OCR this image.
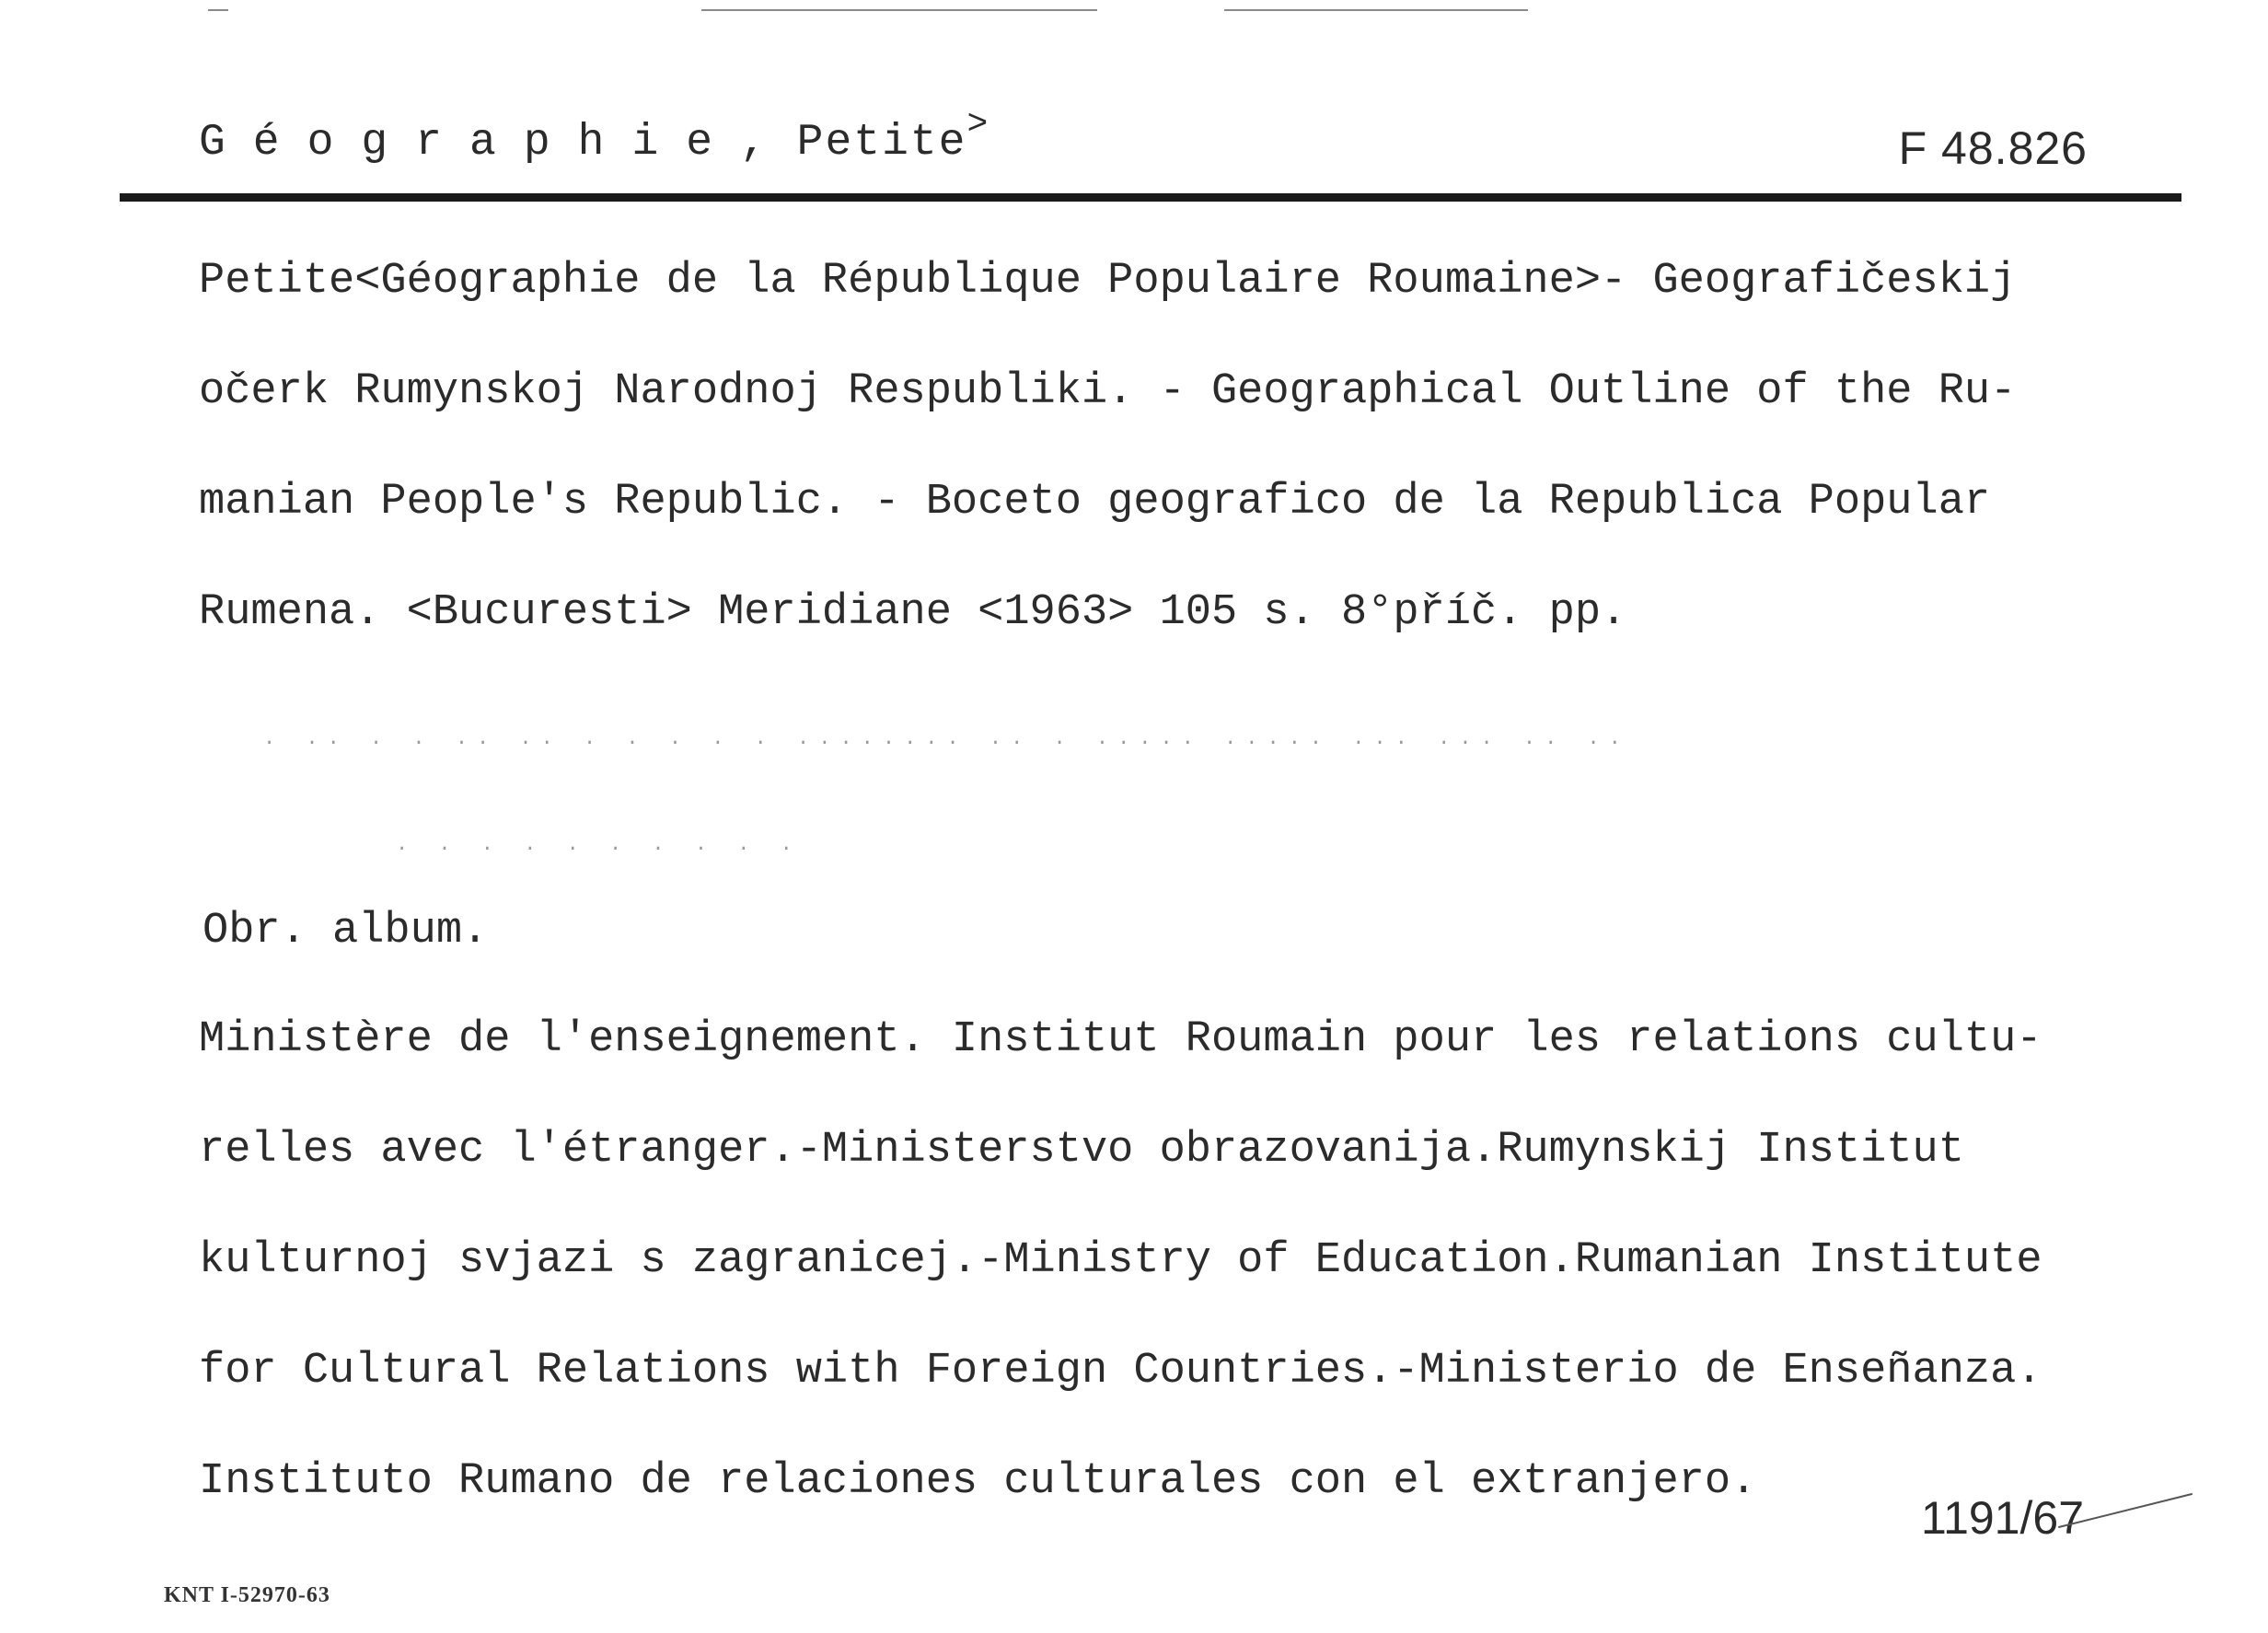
Géographie, Petite>	F 48.826

Petite<Géographie de la République Populaire Roumaine>- Geografičeskij

očerk Rumynskoj Narodnoj Respubliki. - Geographical Outline of the Ru-

manian People's Republic. - Boceto geografico de la Republica Popular

Rumena. <Bucuresti> Meridiane <1963> 105 s. 8°příč. pp.

. .. . . .. .. . . . . . ........ .. . ..... ..... ... ... .. ..
. . . . . . . . . .
Obr. album.

Ministère de l'enseignement. Institut Roumain pour les relations cultu-

relles avec l'étranger.-Ministerstvo obrazovanija.Rumynskij Institut

kulturnoj svjazi s zagranicej.-Ministry of Education.Rumanian Institute

for Cultural Relations with Foreign Countries.-Ministerio de Enseñanza.

Instituto Rumano de relaciones culturales con el extranjero.

1191/67
KNT I-52970-63
